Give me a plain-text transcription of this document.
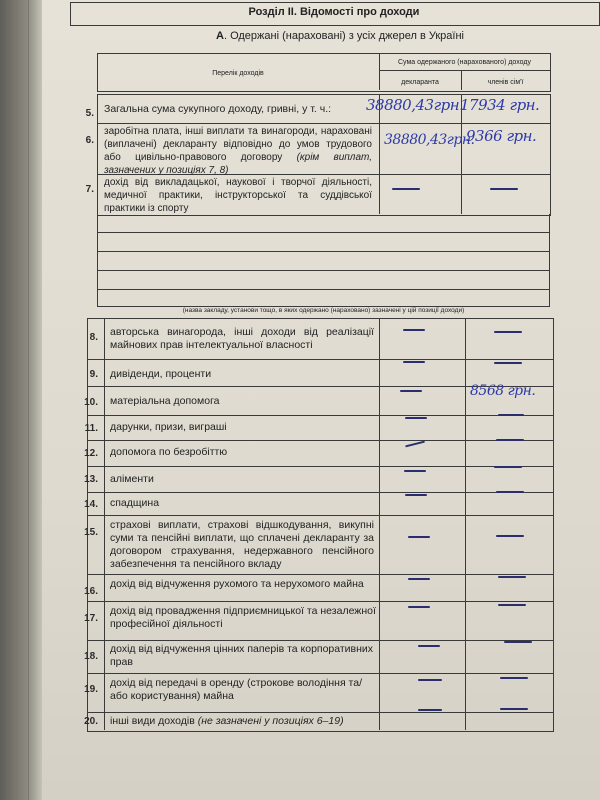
Розділ ІІ. Відомості про доходи
А. Одержані (нараховані) з усіх джерел в Україні
Перелік доходів
Сума одержаного (нарахованого) доходу
декларанта	членів сім'ї
5. Загальна сума сукупного доходу, гривні, у т. ч.:	38880,43грн.
17934 грн.
6.
заробітна плата, інші виплати та винагороди, нараховані (виплачені) декларанту відповідно до умов трудового або цивільно-правового договору (крім виплат, зазначених у позиціях 7, 8)
38880,43грн.
9366 грн.
7.
дохід від викладацької, наукової і творчої діяльності, медичної практики, інструкторської та суддівської практики із спорту
(назва закладу, установи тощо, в яких одержано (нараховано) зазначені у цій позиції доходи)
8. авторська винагорода, інші доходи від реалізації майнових прав інтелектуальної власності
9. дивіденди, проценти
10. матеріальна допомога
8568 грн.
11. дарунки, призи, виграші
12. допомога по безробіттю
13. аліменти
14. спадщина
15.
страхові виплати, страхові відшкодування, викупні суми та пенсійні виплати, що сплачені декларанту за договором страхування, недержавного пенсійного забезпечення та пенсійного вкладу
16.
дохід від відчуження рухомого та нерухомого майна
17.
дохід від провадження підприємницької та незалежної професійної діяльності
18.
дохід від відчуження цінних паперів та корпоративних прав
19.
дохід від передачі в оренду (строкове володіння та/або користування) майна
20. інші види доходів (не зазначені у позиціях 6–19)
